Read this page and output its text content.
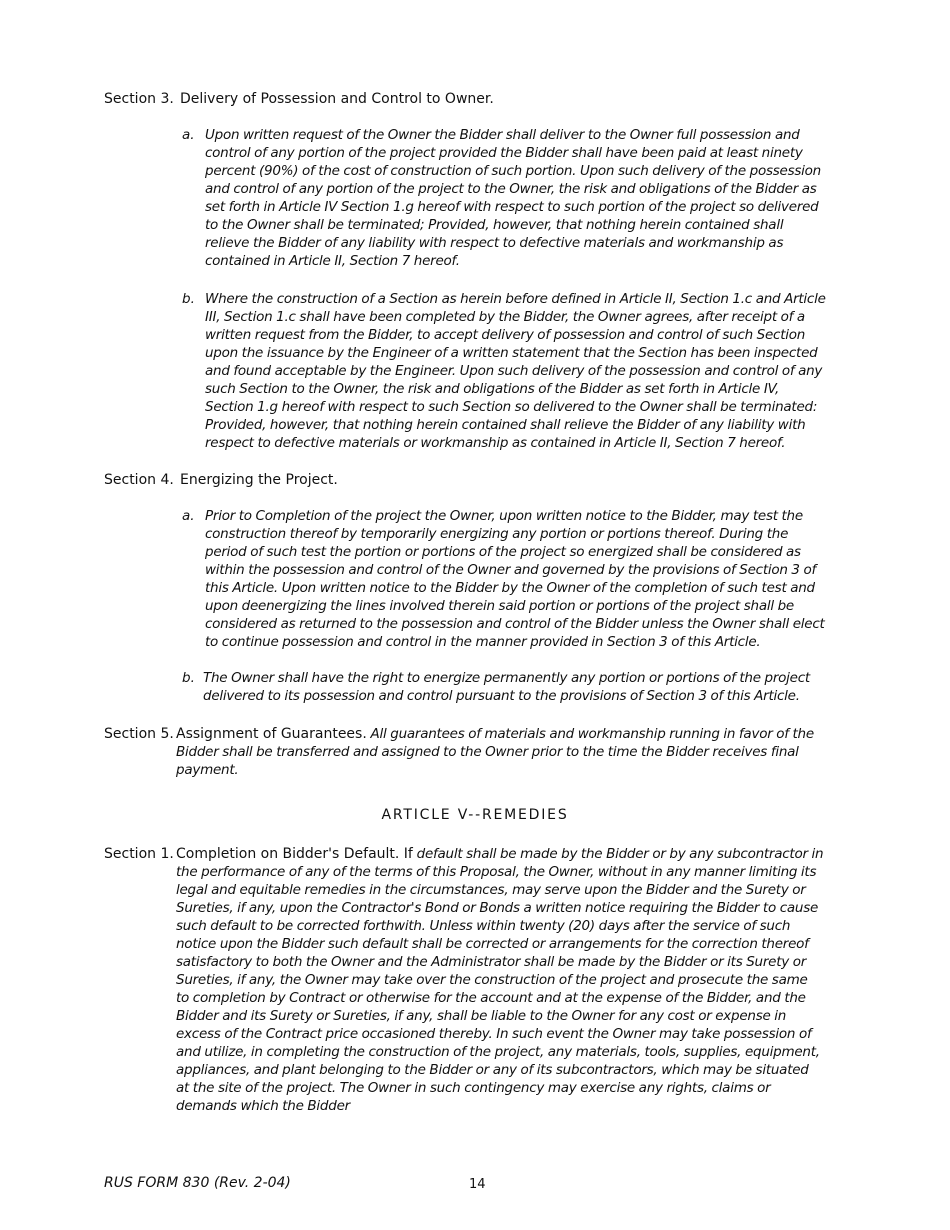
Section 3. Delivery of Possession and Control to Owner.
a. Upon written request of the Owner the Bidder shall deliver to the Owner full possession and control of any portion of the project provided the Bidder shall have been paid at least ninety percent (90%) of the cost of construction of such portion. Upon such delivery of the possession and control of any portion of the project to the Owner, the risk and obligations of the Bidder as set forth in Article IV Section 1.g hereof with respect to such portion of the project so delivered to the Owner shall be terminated; Provided, however, that nothing herein contained shall relieve the Bidder of any liability with respect to defective materials and workmanship as contained in Article II, Section 7 hereof.
b. Where the construction of a Section as herein before defined in Article II, Section 1.c and Article III, Section 1.c shall have been completed by the Bidder, the Owner agrees, after receipt of a written request from the Bidder, to accept delivery of possession and control of such Section upon the issuance by the Engineer of a written statement that the Section has been inspected and found acceptable by the Engineer. Upon such delivery of the possession and control of any such Section to the Owner, the risk and obligations of the Bidder as set forth in Article IV, Section 1.g hereof with respect to such Section so delivered to the Owner shall be terminated: Provided, however, that nothing herein contained shall relieve the Bidder of any liability with respect to defective materials or workmanship as contained in Article II, Section 7 hereof.
Section 4. Energizing the Project.
a. Prior to Completion of the project the Owner, upon written notice to the Bidder, may test the construction thereof by temporarily energizing any portion or portions thereof. During the period of such test the portion or portions of the project so energized shall be considered as within the possession and control of the Owner and governed by the provisions of Section 3 of this Article. Upon written notice to the Bidder by the Owner of the completion of such test and upon deenergizing the lines involved therein said portion or portions of the project shall be considered as returned to the possession and control of the Bidder unless the Owner shall elect to continue possession and control in the manner provided in Section 3 of this Article.
b. The Owner shall have the right to energize permanently any portion or portions of the project delivered to its possession and control pursuant to the provisions of Section 3 of this Article.
Section 5. Assignment of Guarantees. All guarantees of materials and workmanship running in favor of the Bidder shall be transferred and assigned to the Owner prior to the time the Bidder receives final payment.
ARTICLE V--REMEDIES
Section 1. Completion on Bidder's Default. If default shall be made by the Bidder or by any subcontractor in the performance of any of the terms of this Proposal, the Owner, without in any manner limiting its legal and equitable remedies in the circumstances, may serve upon the Bidder and the Surety or Sureties, if any, upon the Contractor's Bond or Bonds a written notice requiring the Bidder to cause such default to be corrected forthwith. Unless within twenty (20) days after the service of such notice upon the Bidder such default shall be corrected or arrangements for the correction thereof satisfactory to both the Owner and the Administrator shall be made by the Bidder or its Surety or Sureties, if any, the Owner may take over the construction of the project and prosecute the same to completion by Contract or otherwise for the account and at the expense of the Bidder, and the Bidder and its Surety or Sureties, if any, shall be liable to the Owner for any cost or expense in excess of the Contract price occasioned thereby. In such event the Owner may take possession of and utilize, in completing the construction of the project, any materials, tools, supplies, equipment, appliances, and plant belonging to the Bidder or any of its subcontractors, which may be situated at the site of the project. The Owner in such contingency may exercise any rights, claims or demands which the Bidder
RUS FORM 830 (Rev. 2-04)	14
